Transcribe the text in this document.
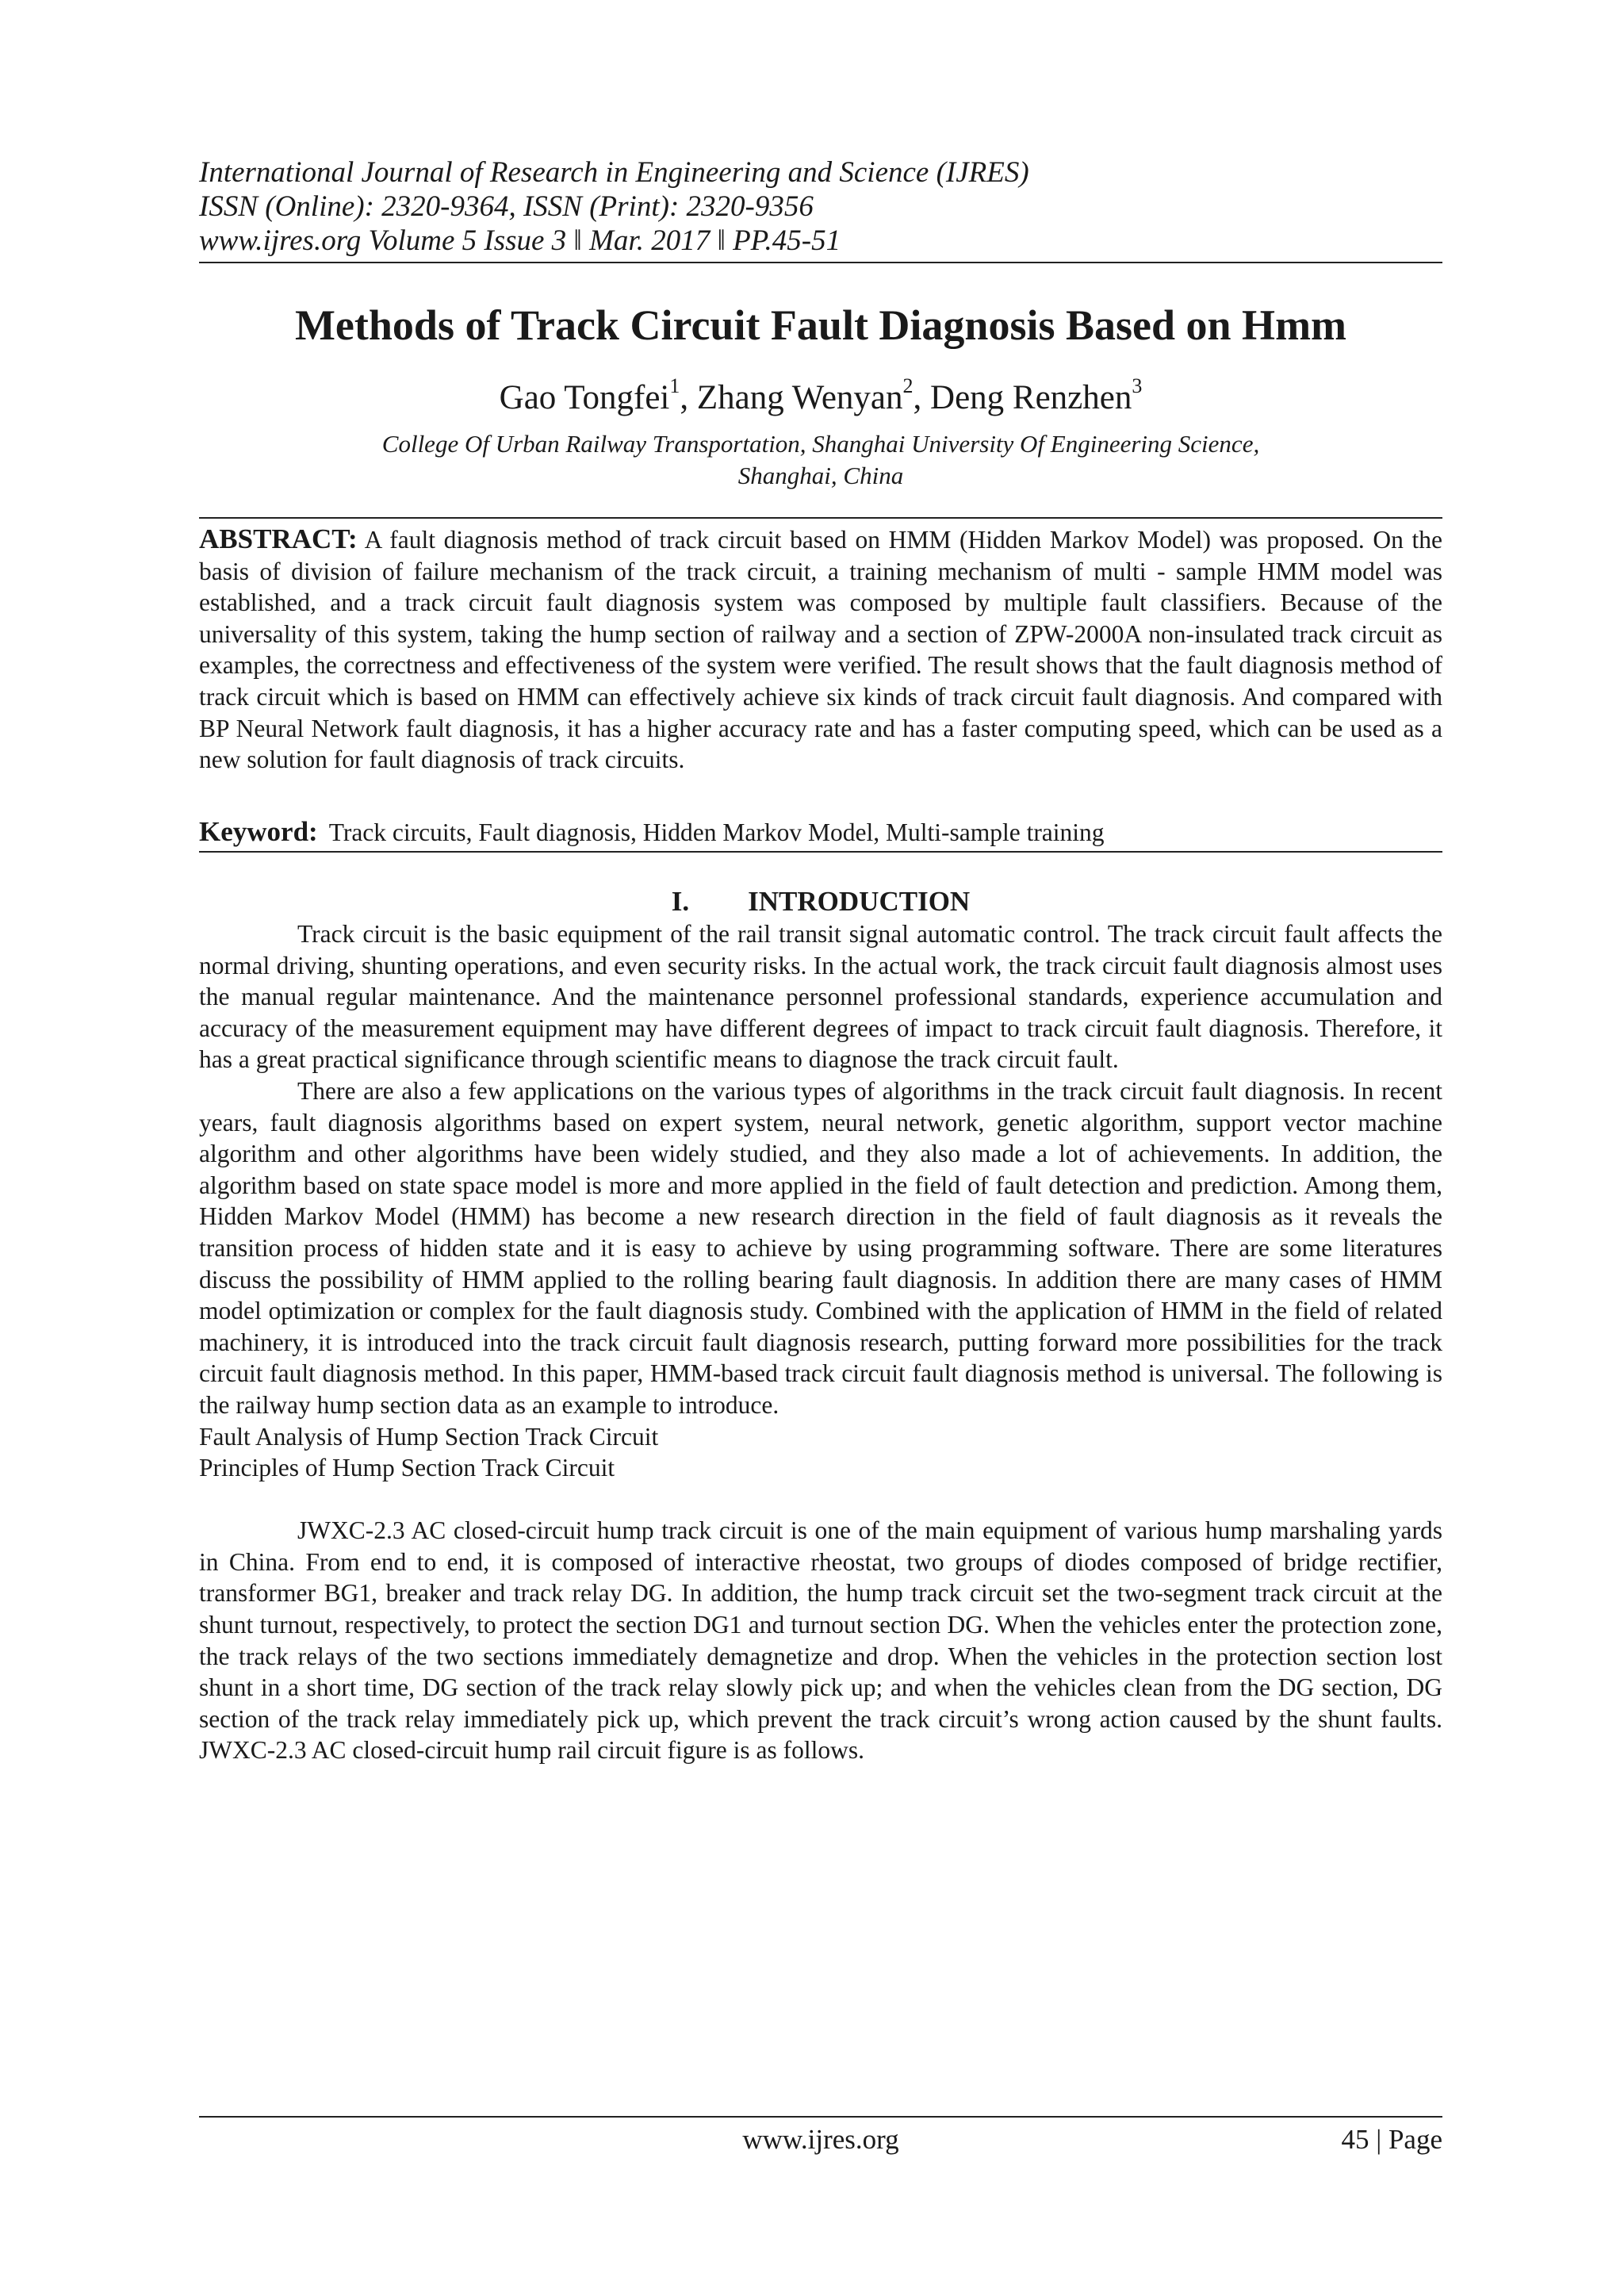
International Journal of Research in Engineering and Science (IJRES)
ISSN (Online): 2320-9364, ISSN (Print): 2320-9356
www.ijres.org Volume 5 Issue 3 ǁ Mar. 2017 ǁ PP.45-51
Methods of Track Circuit Fault Diagnosis Based on Hmm
Gao Tongfei$^1$, Zhang Wenyan$^2$, Deng Renzhen$^3$
College Of Urban Railway Transportation, Shanghai University Of Engineering Science,
Shanghai, China
ABSTRACT: A fault diagnosis method of track circuit based on HMM (Hidden Markov Model) was proposed. On the basis of division of failure mechanism of the track circuit, a training mechanism of multi - sample HMM model was established, and a track circuit fault diagnosis system was composed by multiple fault classifiers. Because of the universality of this system, taking the hump section of railway and a section of ZPW-2000A non-insulated track circuit as examples, the correctness and effectiveness of the system were verified. The result shows that the fault diagnosis method of track circuit which is based on HMM can effectively achieve six kinds of track circuit fault diagnosis. And compared with BP Neural Network fault diagnosis, it has a higher accuracy rate and has a faster computing speed, which can be used as a new solution for fault diagnosis of track circuits.
Keyword: Track circuits, Fault diagnosis, Hidden Markov Model, Multi-sample training
I. INTRODUCTION

Track circuit is the basic equipment of the rail transit signal automatic control. The track circuit fault affects the normal driving, shunting operations, and even security risks. In the actual work, the track circuit fault diagnosis almost uses the manual regular maintenance. And the maintenance personnel professional standards, experience accumulation and accuracy of the measurement equipment may have different degrees of impact to track circuit fault diagnosis. Therefore, it has a great practical significance through scientific means to diagnose the track circuit fault.

There are also a few applications on the various types of algorithms in the track circuit fault diagnosis. In recent years, fault diagnosis algorithms based on expert system, neural network, genetic algorithm, support vector machine algorithm and other algorithms have been widely studied, and they also made a lot of achievements. In addition, the algorithm based on state space model is more and more applied in the field of fault detection and prediction. Among them, Hidden Markov Model (HMM) has become a new research direction in the field of fault diagnosis as it reveals the transition process of hidden state and it is easy to achieve by using programming software. There are some literatures discuss the possibility of HMM applied to the rolling bearing fault diagnosis. In addition there are many cases of HMM model optimization or complex for the fault diagnosis study. Combined with the application of HMM in the field of related machinery, it is introduced into the track circuit fault diagnosis research, putting forward more possibilities for the track circuit fault diagnosis method. In this paper, HMM-based track circuit fault diagnosis method is universal. The following is the railway hump section data as an example to introduce.

Fault Analysis of Hump Section Track Circuit

Principles of Hump Section Track Circuit

JWXC-2.3 AC closed-circuit hump track circuit is one of the main equipment of various hump marshaling yards in China. From end to end, it is composed of interactive rheostat, two groups of diodes composed of bridge rectifier, transformer BG1, breaker and track relay DG. In addition, the hump track circuit set the two-segment track circuit at the shunt turnout, respectively, to protect the section DG1 and turnout section DG. When the vehicles enter the protection zone, the track relays of the two sections immediately demagnetize and drop. When the vehicles in the protection section lost shunt in a short time, DG section of the track relay slowly pick up; and when the vehicles clean from the DG section, DG section of the track relay immediately pick up, which prevent the track circuit’s wrong action caused by the shunt faults. JWXC-2.3 AC closed-circuit hump rail circuit figure is as follows.

www.ijres.org	45 | Page
